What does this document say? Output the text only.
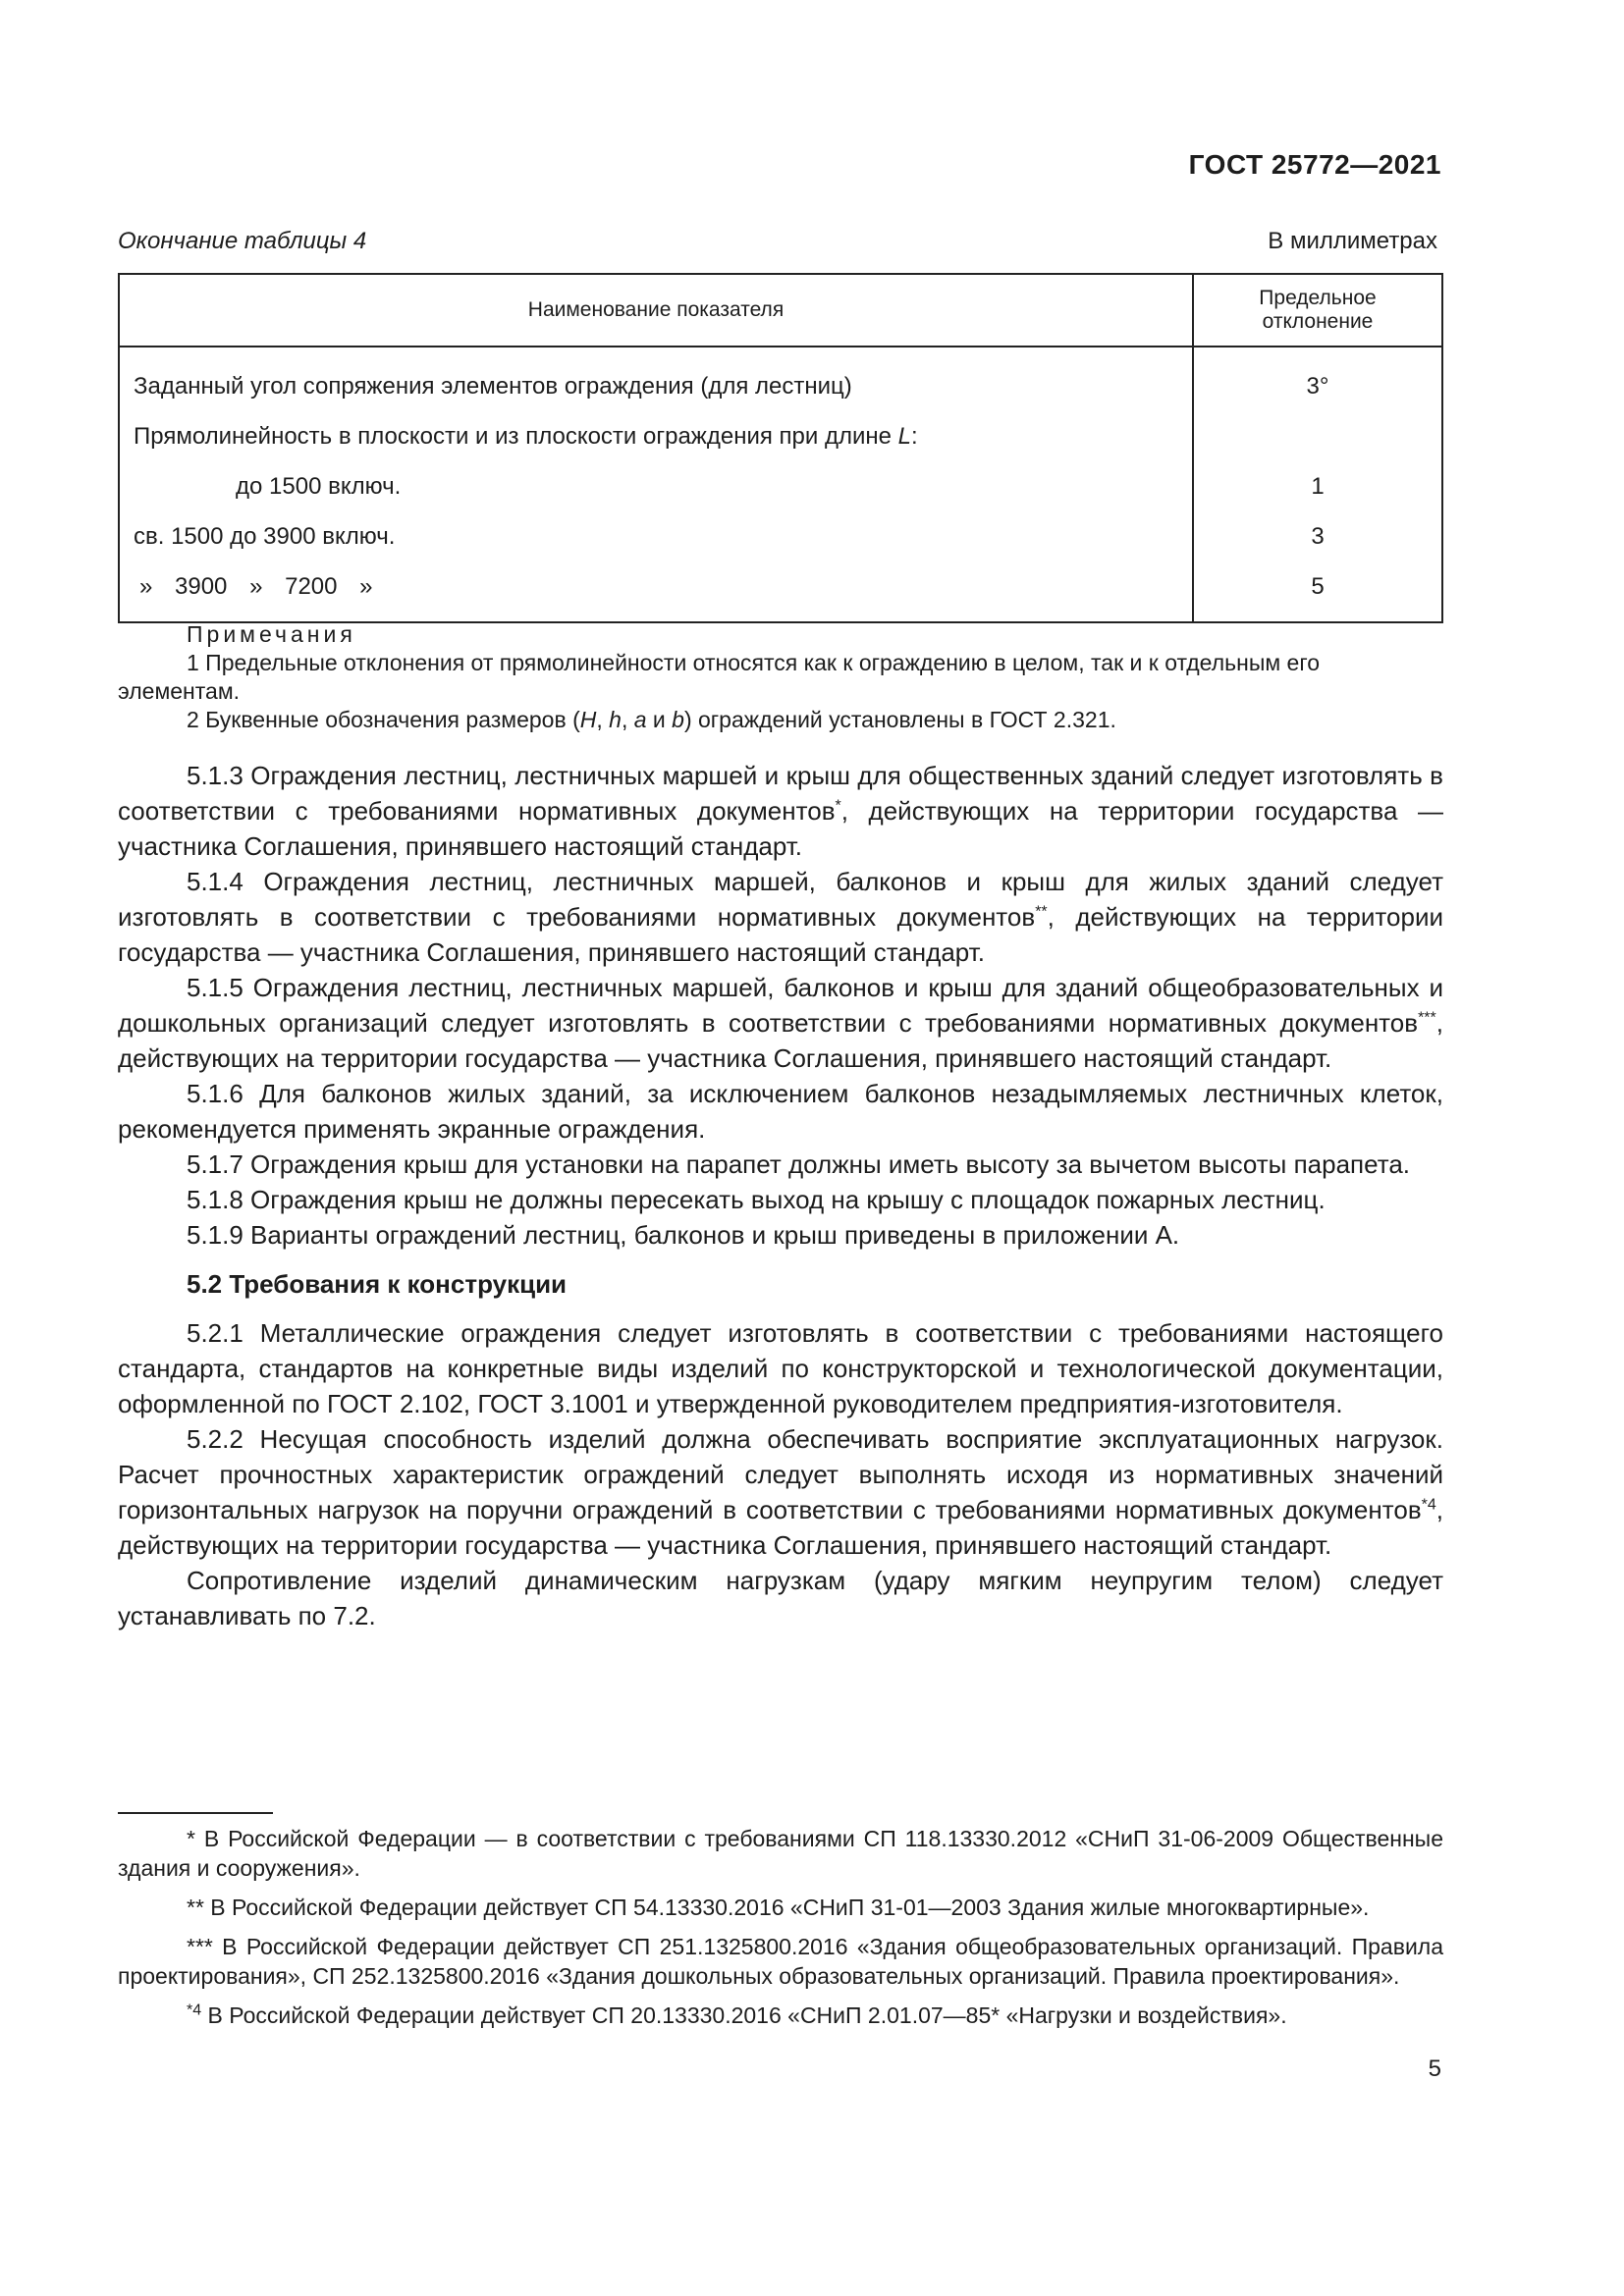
ГОСТ 25772—2021
Окончание таблицы 4	В миллиметрах
Наименование показателя	Предельное
отклонение
Заданный угол сопряжения элементов ограждения (для лестниц)	3°
Прямолинейность в плоскости и из плоскости ограждения при длине L:	
до 1500 включ.	1
св. 1500 до 3900 включ.	3
» 3900 » 7200 »	5
Примечания

1 Предельные отклонения от прямолинейности относятся как к ограждению в целом, так и к отдельным его элементам.

2 Буквенные обозначения размеров (H, h, a и b) ограждений установлены в ГОСТ 2.321.

5.1.3 Ограждения лестниц, лестничных маршей и крыш для общественных зданий следует изготовлять в соответствии с требованиями нормативных документов*, действующих на территории государства — участника Соглашения, принявшего настоящий стандарт.

5.1.4 Ограждения лестниц, лестничных маршей, балконов и крыш для жилых зданий следует изготовлять в соответствии с требованиями нормативных документов**, действующих на территории государства — участника Соглашения, принявшего настоящий стандарт.

5.1.5 Ограждения лестниц, лестничных маршей, балконов и крыш для зданий общеобразовательных и дошкольных организаций следует изготовлять в соответствии с требованиями нормативных документов***, действующих на территории государства — участника Соглашения, принявшего настоящий стандарт.

5.1.6 Для балконов жилых зданий, за исключением балконов незадымляемых лестничных клеток, рекомендуется применять экранные ограждения.

5.1.7 Ограждения крыш для установки на парапет должны иметь высоту за вычетом высоты парапета.

5.1.8 Ограждения крыш не должны пересекать выход на крышу с площадок пожарных лестниц.

5.1.9 Варианты ограждений лестниц, балконов и крыш приведены в приложении А.

5.2 Требования к конструкции

5.2.1 Металлические ограждения следует изготовлять в соответствии с требованиями настоящего стандарта, стандартов на конкретные виды изделий по конструкторской и технологической документации, оформленной по ГОСТ 2.102, ГОСТ 3.1001 и утвержденной руководителем предприятия-изготовителя.

5.2.2 Несущая способность изделий должна обеспечивать восприятие эксплуатационных нагрузок. Расчет прочностных характеристик ограждений следует выполнять исходя из нормативных значений горизонтальных нагрузок на поручни ограждений в соответствии с требованиями нормативных документов$^{*4}$, действующих на территории государства — участника Соглашения, принявшего настоящий стандарт.

Сопротивление изделий динамическим нагрузкам (удару мягким неупругим телом) следует устанавливать по 7.2.

* В Российской Федерации — в соответствии с требованиями СП 118.13330.2012 «СНиП 31-06-2009 Общественные здания и сооружения».

** В Российской Федерации действует СП 54.13330.2016 «СНиП 31-01—2003 Здания жилые многоквартирные».

*** В Российской Федерации действует СП 251.1325800.2016 «Здания общеобразовательных организаций. Правила проектирования», СП 252.1325800.2016 «Здания дошкольных образовательных организаций. Правила проектирования».

$^{*4}$ В Российской Федерации действует СП 20.13330.2016 «СНиП 2.01.07—85* «Нагрузки и воздействия».

5
